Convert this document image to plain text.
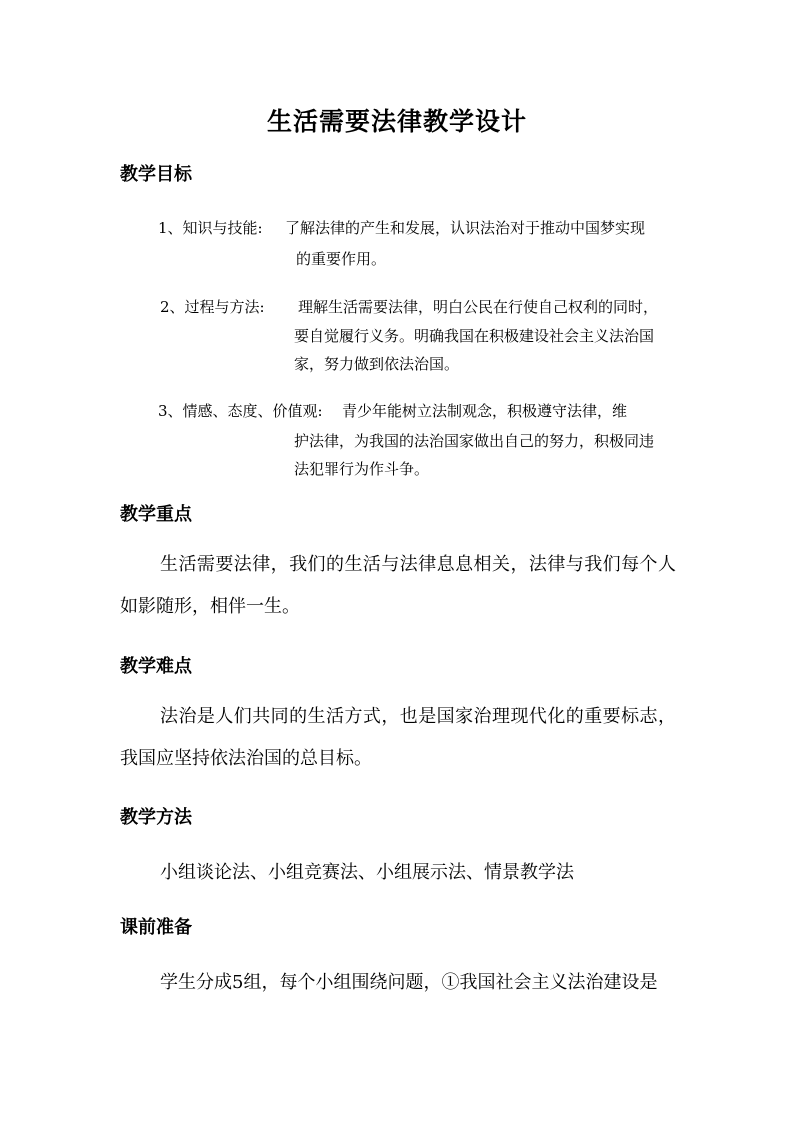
生活需要法律教学设计
教学目标
1、知识与技能: 了解法律的产生和发展，认识法治对于推动中国梦实现
的重要作用。
2、过程与方法: 理解生活需要法律，明白公民在行使自己权利的同时，
要自觉履行义务。明确我国在积极建设社会主义法治国
家，努力做到依法治国。
3、情感、态度、价值观: 青少年能树立法制观念，积极遵守法律，维
护法律，为我国的法治国家做出自己的努力，积极同违
法犯罪行为作斗争。
教学重点
生活需要法律，我们的生活与法律息息相关，法律与我们每个人如影随形，相伴一生。
教学难点
法治是人们共同的生活方式，也是国家治理现代化的重要标志，我国应坚持依法治国的总目标。
教学方法
小组谈论法、小组竞赛法、小组展示法、情景教学法
课前准备
学生分成5组，每个小组围绕问题，①我国社会主义法治建设是
